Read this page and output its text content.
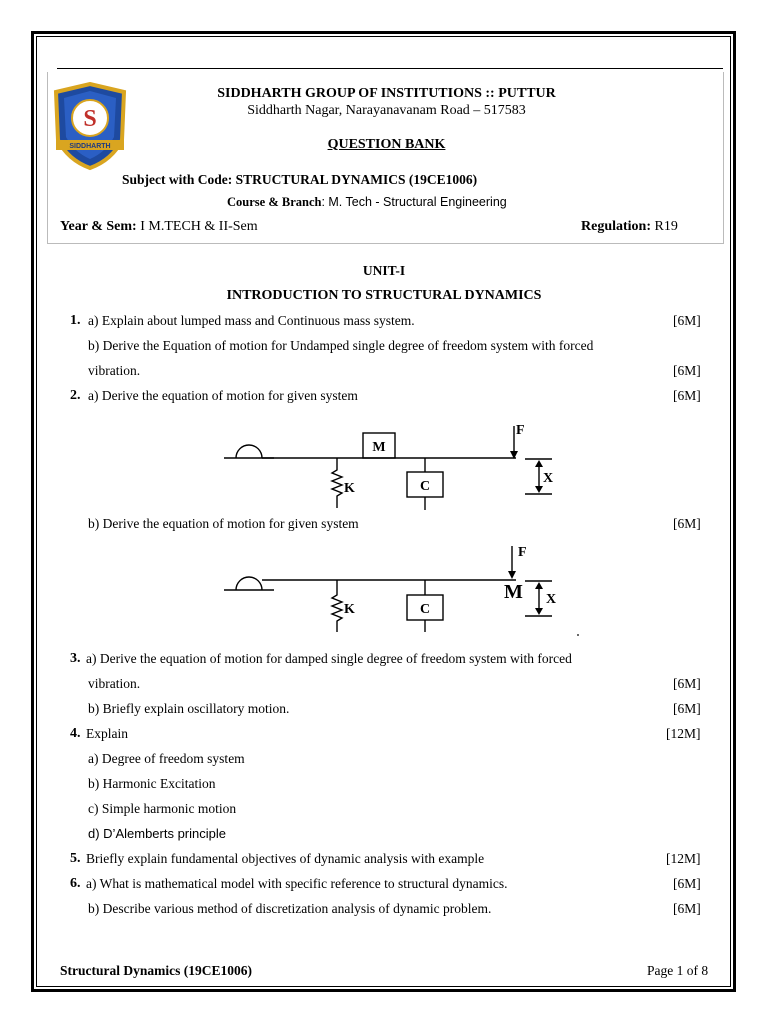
S
SIDDHARTH
SIDDHARTH GROUP OF INSTITUTIONS :: PUTTUR
Siddharth Nagar, Narayanavanam Road – 517583
QUESTION BANK
Subject with Code: STRUCTURAL DYNAMICS (19CE1006)
Course & Branch: M. Tech - Structural Engineering
Year & Sem: I M.TECH & II-Sem	Regulation: R19
UNIT-I
INTRODUCTION TO STRUCTURAL DYNAMICS
1. a) Explain about lumped mass and Continuous mass system.	[6M]
b) Derive the Equation of motion for Undamped single degree of freedom system with forced
vibration.	[6M]
2. a) Derive the equation of motion for given system	[6M]
M
K	C
F
X
b) Derive the equation of motion for given system	[6M]
M
K	C
F
X
3. a) Derive the equation of motion for damped single degree of freedom system with forced
vibration.	[6M]
b) Briefly explain oscillatory motion.	[6M]
4. Explain	[12M]
a) Degree of freedom system
b) Harmonic Excitation
c) Simple harmonic motion
d) D’Alemberts principle
5. Briefly explain fundamental objectives of dynamic analysis with example	[12M]
6. a) What is mathematical model with specific reference to structural dynamics.	[6M]
b) Describe various method of discretization analysis of dynamic problem.	[6M]
Structural Dynamics (19CE1006)	Page 1 of 8
